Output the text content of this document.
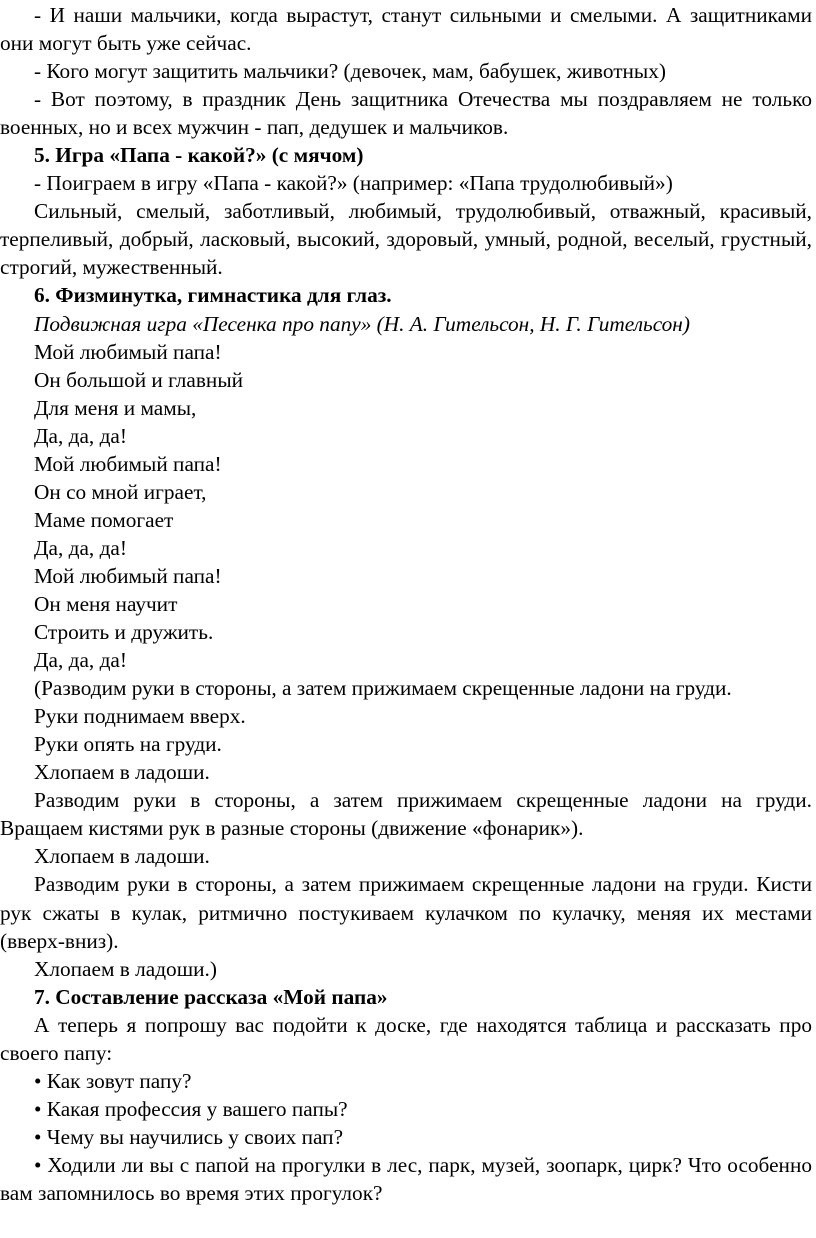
- И наши мальчики, когда вырастут, станут сильными и смелыми. А защитниками они могут быть уже сейчас.

- Кого могут защитить мальчики? (девочек, мам, бабушек, животных)

- Вот поэтому, в праздник День защитника Отечества мы поздравляем не только военных, но и всех мужчин - пап, дедушек и мальчиков.

5. Игра «Папа - какой?» (с мячом)

- Поиграем в игру «Папа - какой?» (например: «Папа трудолюбивый»)

Сильный, смелый, заботливый, любимый, трудолюбивый, отважный, красивый, терпеливый, добрый, ласковый, высокий, здоровый, умный, родной, веселый, грустный, строгий, мужественный.

6. Физминутка, гимнастика для глаз.

Подвижная игра «Песенка про папу» (Н. А. Гительсон, Н. Г. Гительсон)

Мой любимый папа!

Он большой и главный

Для меня и мамы,

Да, да, да!

Мой любимый папа!

Он со мной играет,

Маме помогает

Да, да, да!

Мой любимый папа!

Он меня научит

Строить и дружить.

Да, да, да!

(Разводим руки в стороны, а затем прижимаем скрещенные ладони на груди.

Руки поднимаем вверх.

Руки опять на груди.

Хлопаем в ладоши.

Разводим руки в стороны, а затем прижимаем скрещенные ладони на груди. Вращаем кистями рук в разные стороны (движение «фонарик»).

Хлопаем в ладоши.

Разводим руки в стороны, а затем прижимаем скрещенные ладони на груди. Кисти рук сжаты в кулак, ритмично постукиваем кулачком по кулачку, меняя их местами (вверх-вниз).

Хлопаем в ладоши.)

7. Составление рассказа «Мой папа»

А теперь я попрошу вас подойти к доске, где находятся таблица и рассказать про своего папу:

• Как зовут папу?

• Какая профессия у вашего папы?

• Чему вы научились у своих пап?

• Ходили ли вы с папой на прогулки в лес, парк, музей, зоопарк, цирк? Что особенно вам запомнилось во время этих прогулок?
